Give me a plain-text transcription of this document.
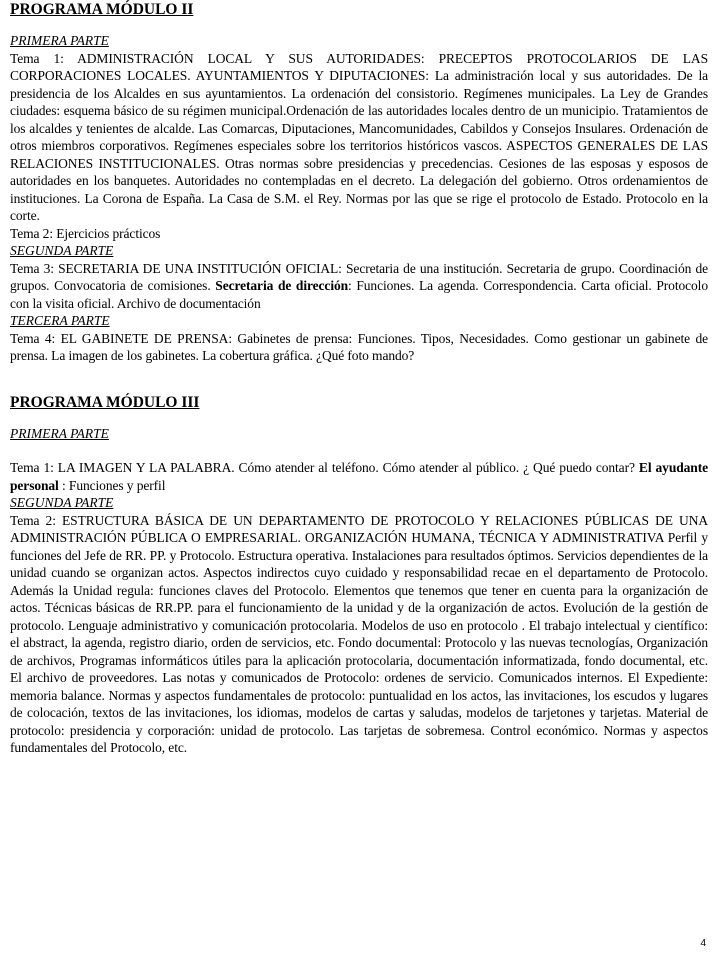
PROGRAMA MÓDULO II

PRIMERA PARTE

Tema 1: ADMINISTRACIÓN LOCAL Y SUS AUTORIDADES: PRECEPTOS PROTOCOLARIOS DE LAS CORPORACIONES LOCALES. AYUNTAMIENTOS Y DIPUTACIONES: La administración local y sus autoridades. De la presidencia de los Alcaldes en sus ayuntamientos. La ordenación del consistorio. Regímenes municipales. La Ley de Grandes ciudades: esquema básico de su régimen municipal.Ordenación de las autoridades locales dentro de un municipio. Tratamientos de los alcaldes y tenientes de alcalde. Las Comarcas, Diputaciones, Mancomunidades, Cabildos y Consejos Insulares. Ordenación de otros miembros corporativos. Regímenes especiales sobre los territorios históricos vascos. ASPECTOS GENERALES DE LAS RELACIONES INSTITUCIONALES. Otras normas sobre presidencias y precedencias. Cesiones de las esposas y esposos de autoridades en los banquetes. Autoridades no contempladas en el decreto. La delegación del gobierno. Otros ordenamientos de instituciones. La Corona de España. La Casa de S.M. el Rey. Normas por las que se rige el protocolo de Estado. Protocolo en la corte.

Tema 2: Ejercicios prácticos

SEGUNDA PARTE

Tema 3: SECRETARIA DE UNA INSTITUCIÓN OFICIAL: Secretaria de una institución. Secretaria de grupo. Coordinación de grupos. Convocatoria de comisiones. Secretaria de dirección: Funciones. La agenda. Correspondencia. Carta oficial. Protocolo con la visita oficial. Archivo de documentación

TERCERA PARTE

Tema 4: EL GABINETE DE PRENSA: Gabinetes de prensa: Funciones. Tipos, Necesidades. Como gestionar un gabinete de prensa. La imagen de los gabinetes. La cobertura gráfica. ¿Qué foto mando?

PROGRAMA MÓDULO III

PRIMERA PARTE

Tema 1: LA IMAGEN Y LA PALABRA. Cómo atender al teléfono. Cómo atender al público. ¿ Qué puedo contar? El ayudante personal : Funciones y perfil

SEGUNDA PARTE

Tema 2: ESTRUCTURA BÁSICA DE UN DEPARTAMENTO DE PROTOCOLO Y RELACIONES PÚBLICAS DE UNA ADMINISTRACIÓN PÚBLICA O EMPRESARIAL. ORGANIZACIÓN HUMANA, TÉCNICA Y ADMINISTRATIVA Perfil y funciones del Jefe de RR. PP. y Protocolo. Estructura operativa. Instalaciones para resultados óptimos. Servicios dependientes de la unidad cuando se organizan actos. Aspectos indirectos cuyo cuidado y responsabilidad recae en el departamento de Protocolo. Además la Unidad regula: funciones claves del Protocolo. Elementos que tenemos que tener en cuenta para la organización de actos. Técnicas básicas de RR.PP. para el funcionamiento de la unidad y de la organización de actos. Evolución de la gestión de protocolo. Lenguaje administrativo y comunicación protocolaria. Modelos de uso en protocolo . El trabajo intelectual y científico: el abstract, la agenda, registro diario, orden de servicios, etc. Fondo documental: Protocolo y las nuevas tecnologías, Organización de archivos, Programas informáticos útiles para la aplicación protocolaria, documentación informatizada, fondo documental, etc. El archivo de proveedores. Las notas y comunicados de Protocolo: ordenes de servicio. Comunicados internos. El Expediente: memoria balance. Normas y aspectos fundamentales de protocolo: puntualidad en los actos, las invitaciones, los escudos y lugares de colocación, textos de las invitaciones, los idiomas, modelos de cartas y saludas, modelos de tarjetones y tarjetas. Material de protocolo: presidencia y corporación: unidad de protocolo. Las tarjetas de sobremesa. Control económico. Normas y aspectos fundamentales del Protocolo, etc.

4
